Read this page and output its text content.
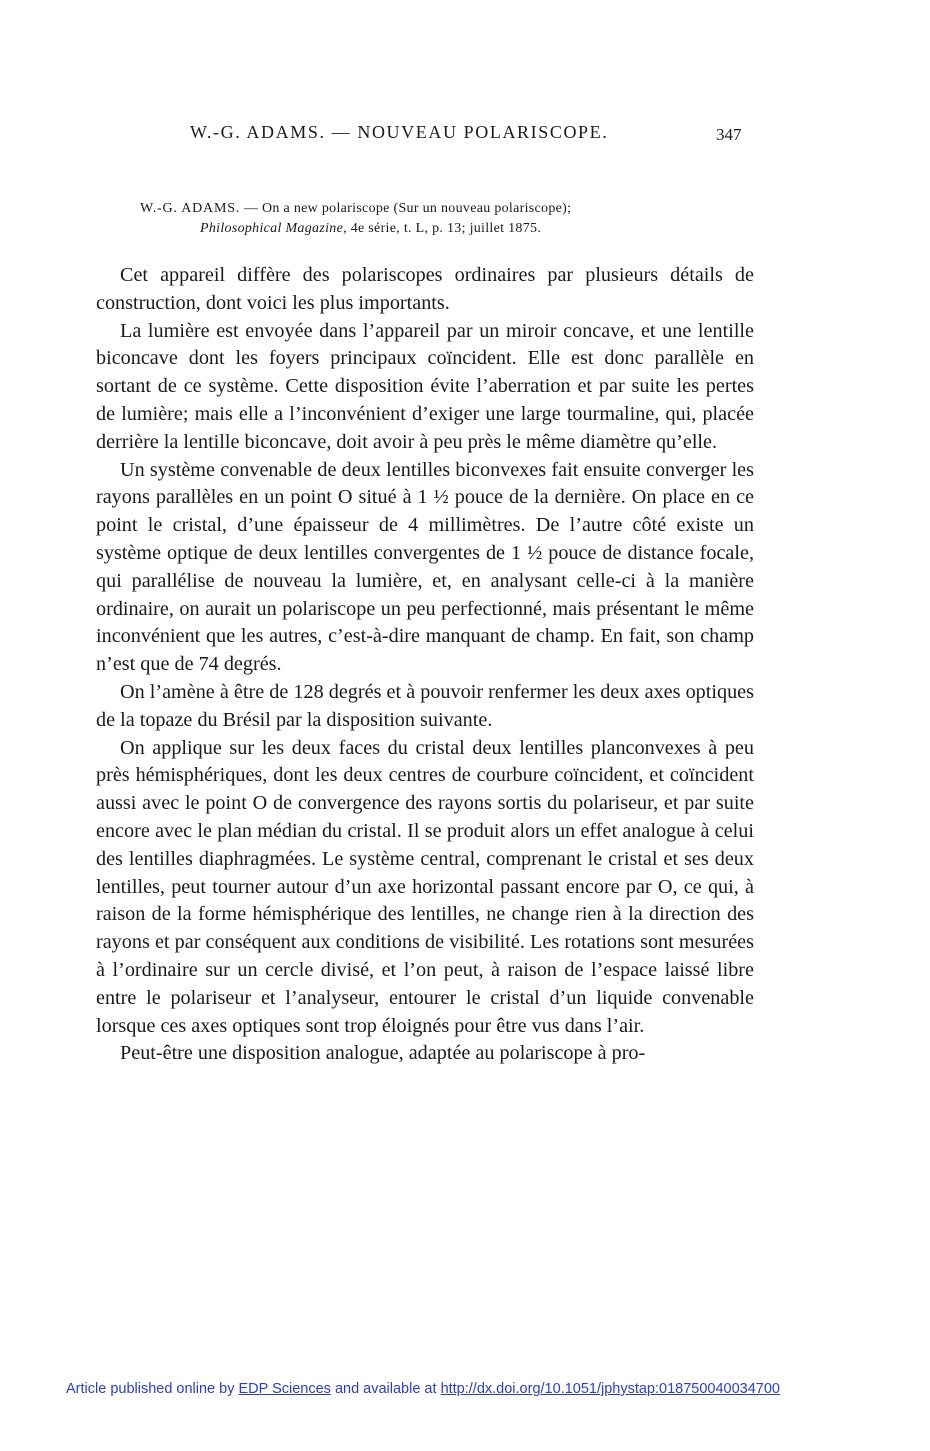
W.-G. ADAMS. — NOUVEAU POLARISCOPE.	347
W.-G. ADAMS. — On a new polariscope (Sur un nouveau polariscope);
Philosophical Magazine, 4e série, t. L, p. 13; juillet 1875.

Cet appareil diffère des polariscopes ordinaires par plusieurs détails de construction, dont voici les plus importants.

La lumière est envoyée dans l’appareil par un miroir concave, et une lentille biconcave dont les foyers principaux coïncident. Elle est donc parallèle en sortant de ce système. Cette disposition évite l’aberration et par suite les pertes de lumière; mais elle a l’inconvénient d’exiger une large tourmaline, qui, placée derrière la lentille biconcave, doit avoir à peu près le même diamètre qu’elle.

Un système convenable de deux lentilles biconvexes fait ensuite converger les rayons parallèles en un point O situé à 1 ½ pouce de la dernière. On place en ce point le cristal, d’une épaisseur de 4 millimètres. De l’autre côté existe un système optique de deux lentilles convergentes de 1 ½ pouce de distance focale, qui parallélise de nouveau la lumière, et, en analysant celle-ci à la manière ordinaire, on aurait un polariscope un peu perfectionné, mais présentant le même inconvénient que les autres, c’est-à-dire manquant de champ. En fait, son champ n’est que de 74 degrés.

On l’amène à être de 128 degrés et à pouvoir renfermer les deux axes optiques de la topaze du Brésil par la disposition suivante.

On applique sur les deux faces du cristal deux lentilles planconvexes à peu près hémisphériques, dont les deux centres de courbure coïncident, et coïncident aussi avec le point O de convergence des rayons sortis du polariseur, et par suite encore avec le plan médian du cristal. Il se produit alors un effet analogue à celui des lentilles diaphragmées. Le système central, comprenant le cristal et ses deux lentilles, peut tourner autour d’un axe horizontal passant encore par O, ce qui, à raison de la forme hémisphérique des lentilles, ne change rien à la direction des rayons et par conséquent aux conditions de visibilité. Les rotations sont mesurées à l’ordinaire sur un cercle divisé, et l’on peut, à raison de l’espace laissé libre entre le polariseur et l’analyseur, entourer le cristal d’un liquide convenable lorsque ces axes optiques sont trop éloignés pour être vus dans l’air.

Peut-être une disposition analogue, adaptée au polariscope à pro-

Article published online by EDP Sciences and available at http://dx.doi.org/10.1051/jphystap:018750040034700
